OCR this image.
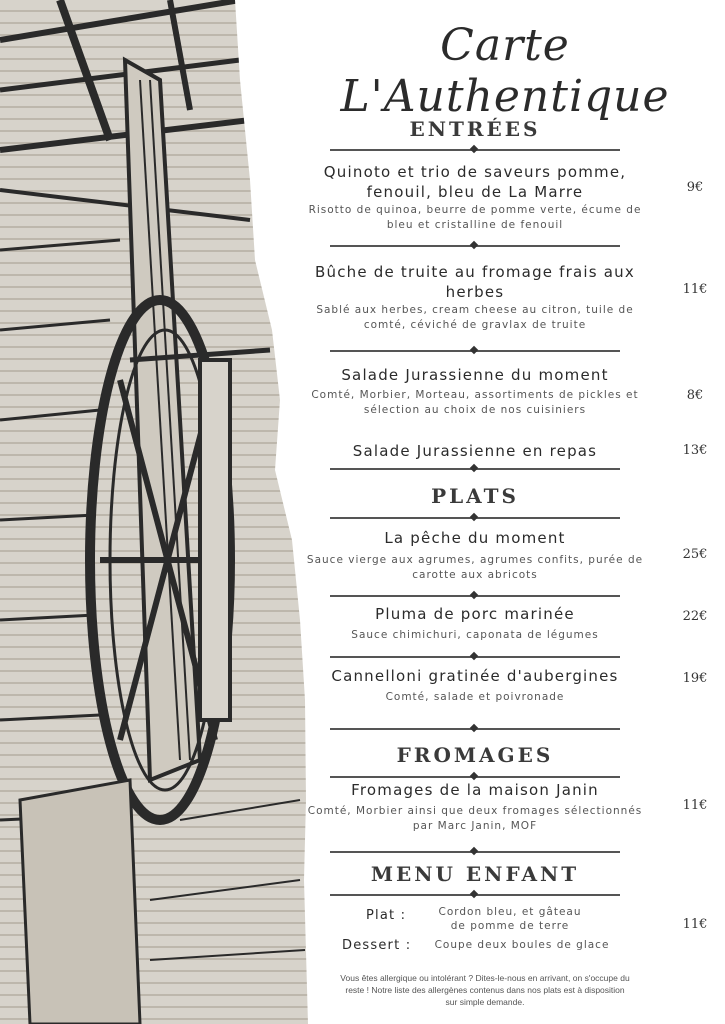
Carte L'Authentique
ENTRÉES
Quinoto et trio de saveurs pomme, fenouil, bleu de La Marre
Risotto de quinoa, beurre de pomme verte, écume de bleu et cristalline de fenouil
9€
Bûche de truite au fromage frais aux herbes
Sablé aux herbes, cream cheese au citron, tuile de comté, céviché de gravlax de truite
11€
Salade Jurassienne du moment
Comté, Morbier, Morteau, assortiments de pickles et sélection au choix de nos cuisiniers
8€
Salade Jurassienne en repas	13€
PLATS
La pêche du moment
Sauce vierge aux agrumes, agrumes confits, purée de carotte aux abricots
25€
Pluma de porc marinée
Sauce chimichuri, caponata de légumes
22€
Cannelloni gratinée d'aubergines
Comté, salade et poivronade
19€
FROMAGES
Fromages de la maison Janin
Comté, Morbier ainsi que deux fromages sélectionnés par Marc Janin, MOF
11€
MENU ENFANT
Plat :	Cordon bleu, et gâteau de pomme de terre
Dessert : Coupe deux boules de glace
11€
Vous êtes allergique ou intolérant ? Dites-le-nous en arrivant, on s'occupe du reste ! Notre liste des allergènes contenus dans nos plats est à disposition sur simple demande.
